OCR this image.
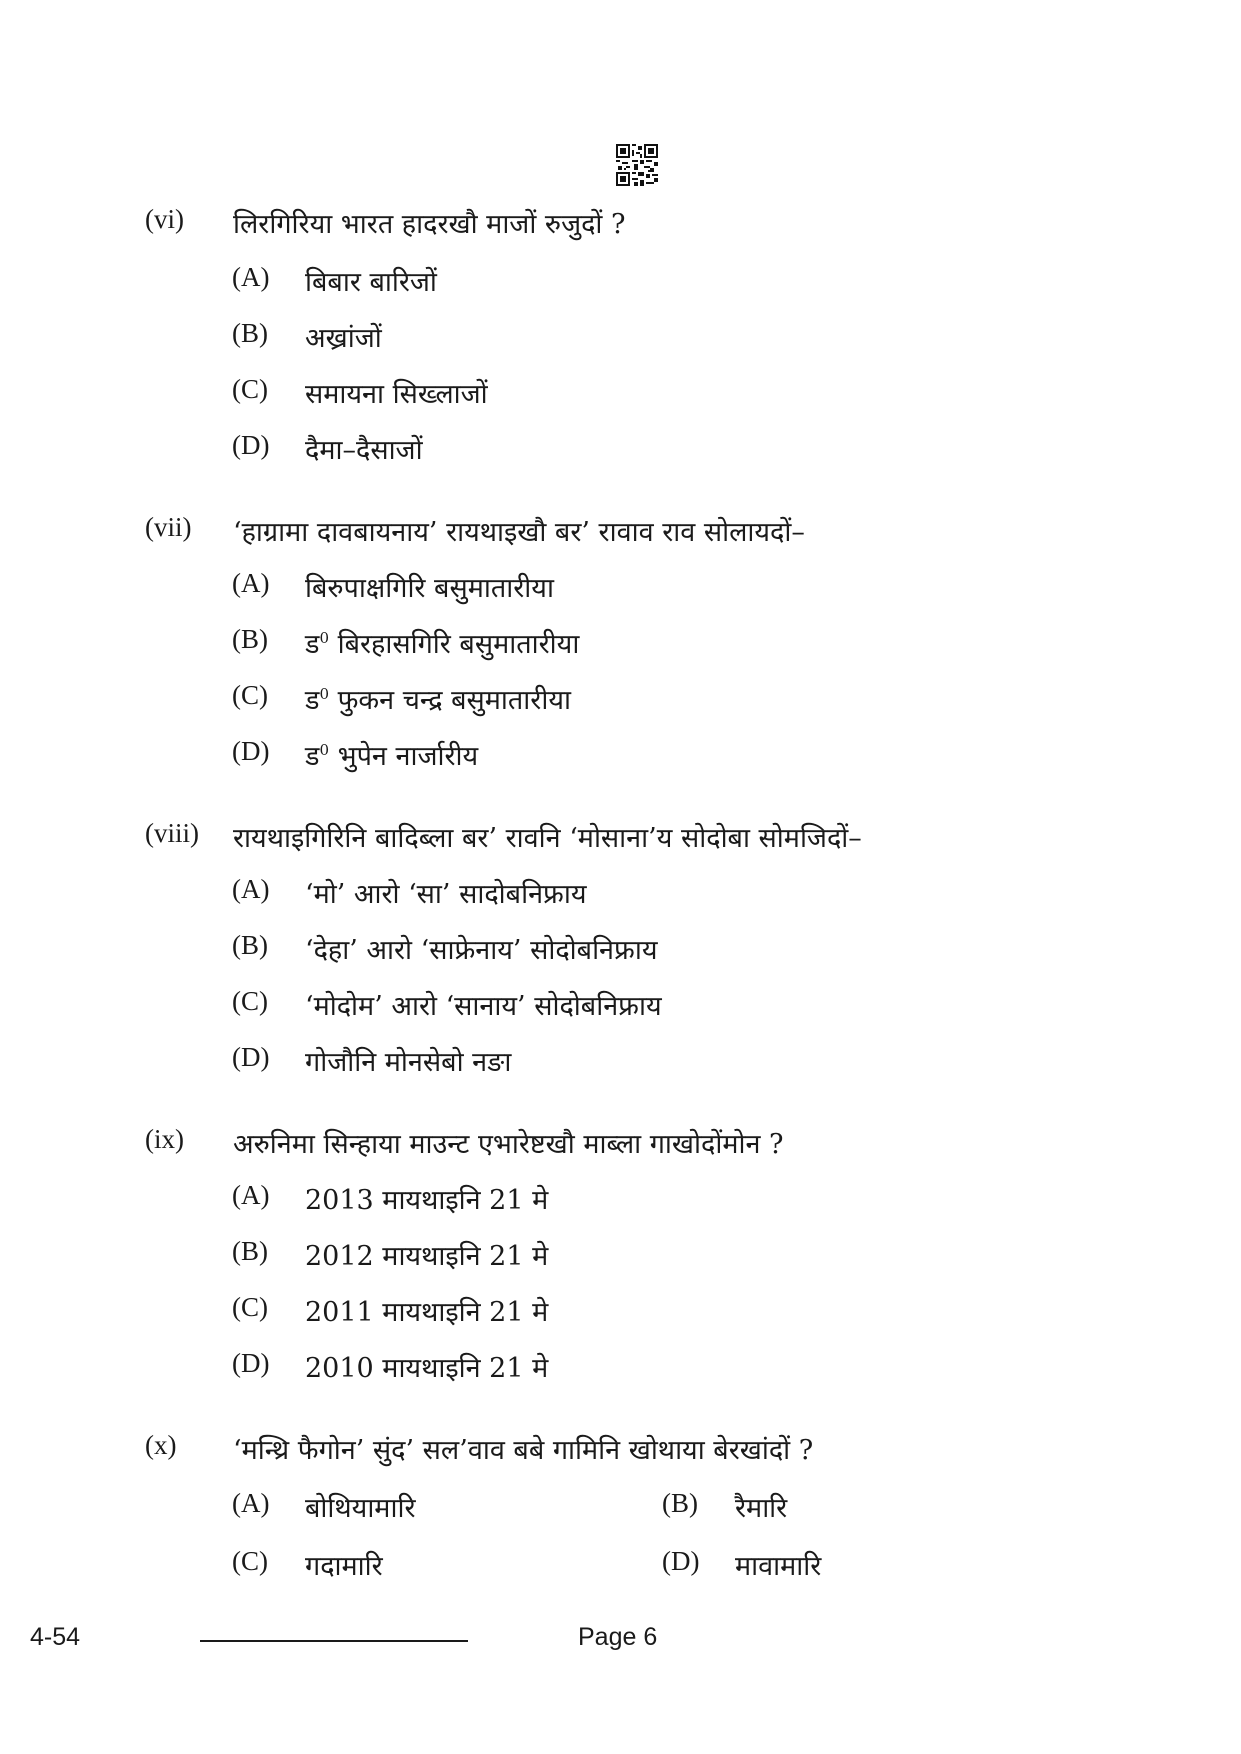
(vi) लिरगिरिया भारत हादरखौ माजों रुजुदों ?
(A) बिबार बारिजों
(B) अख्रांजों
(C) समायना सिख्लाजों
(D) दैमा–दैसाजों
(vii) ‘हाग्रामा दावबायनाय’ रायथाइखौ बर’ रावाव राव सोलायदों–
(A) बिरुपाक्षगिरि बसुमातारीया
(B) ड$^0$ बिरहासगिरि बसुमातारीया
(C) ड$^0$ फुकन चन्द्र बसुमातारीया
(D) ड$^0$ भुपेन नार्जारीय
(viii) रायथाइगिरिनि बादिब्ला बर’ रावनि ‘मोसाना’य सोदोबा सोमजिदों–
(A) ‘मो’ आरो ‘सा’ सादोबनिफ्राय
(B) ‘देहा’ आरो ‘साफ्रेनाय’ सोदोबनिफ्राय
(C) ‘मोदोम’ आरो ‘सानाय’ सोदोबनिफ्राय
(D) गोजौनि मोनसेबो नङा
(ix) अरुनिमा सिन्हाया माउन्ट एभारेष्टखौ माब्ला गाखोदोंमोन ?
(A) 2013 मायथाइनि 21 मे
(B) 2012 मायथाइनि 21 मे
(C) 2011 मायथाइनि 21 मे
(D) 2010 मायथाइनि 21 मे
(x) ‘मन्थ्रि फैगोन’ सुंद’ सल’वाव बबे गामिनि खोथाया बेरखांदों ?
(A) बोथियामारि	(B) रैमारि
(C) गदामारि	(D) मावामारि
4-54	Page 6
